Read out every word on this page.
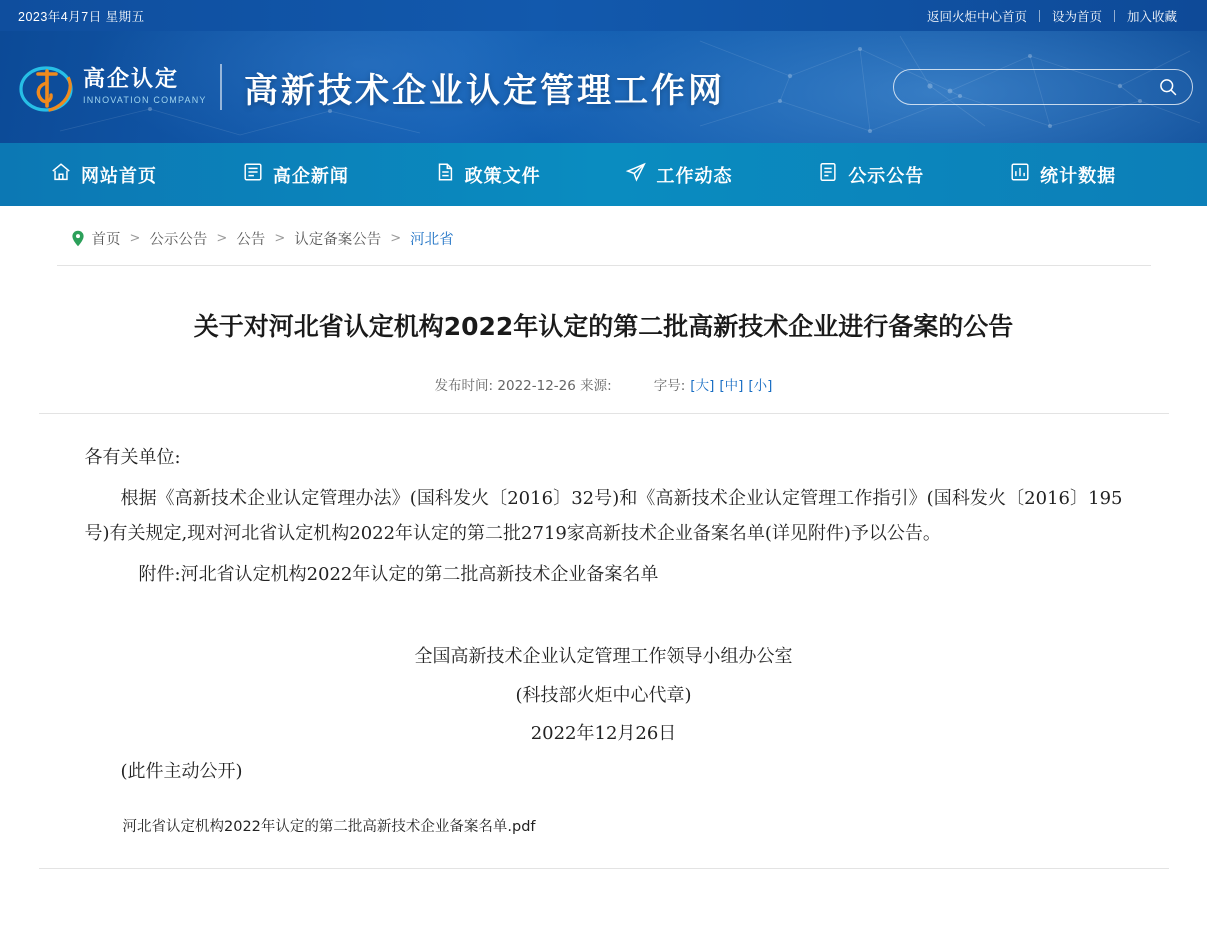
2023年4月7日 星期五	返回火炬中心首页	设为首页	加入收藏
高企认定
INNOVATION COMPANY 高新技术企业认定管理工作网
网站首页	高企新闻	政策文件	工作动态	公示公告	统计数据
首页 > 公示公告 > 公告 > 认定备案公告 > 河北省
关于对河北省认定机构2022年认定的第二批高新技术企业进行备案的公告
发布时间: 2022-12-26 来源:	字号: [大] [中] [小]

各有关单位:

根据《高新技术企业认定管理办法》(国科发火〔2016〕32号)和《高新技术企业认定管理工作指引》(国科发火〔2016〕195号)有关规定,现对河北省认定机构2022年认定的第二批2719家高新技术企业备案名单(详见附件)予以公告。

附件:河北省认定机构2022年认定的第二批高新技术企业备案名单

全国高新技术企业认定管理工作领导小组办公室
(科技部火炬中心代章)
2022年12月26日

(此件主动公开)

河北省认定机构2022年认定的第二批高新技术企业备案名单.pdf
